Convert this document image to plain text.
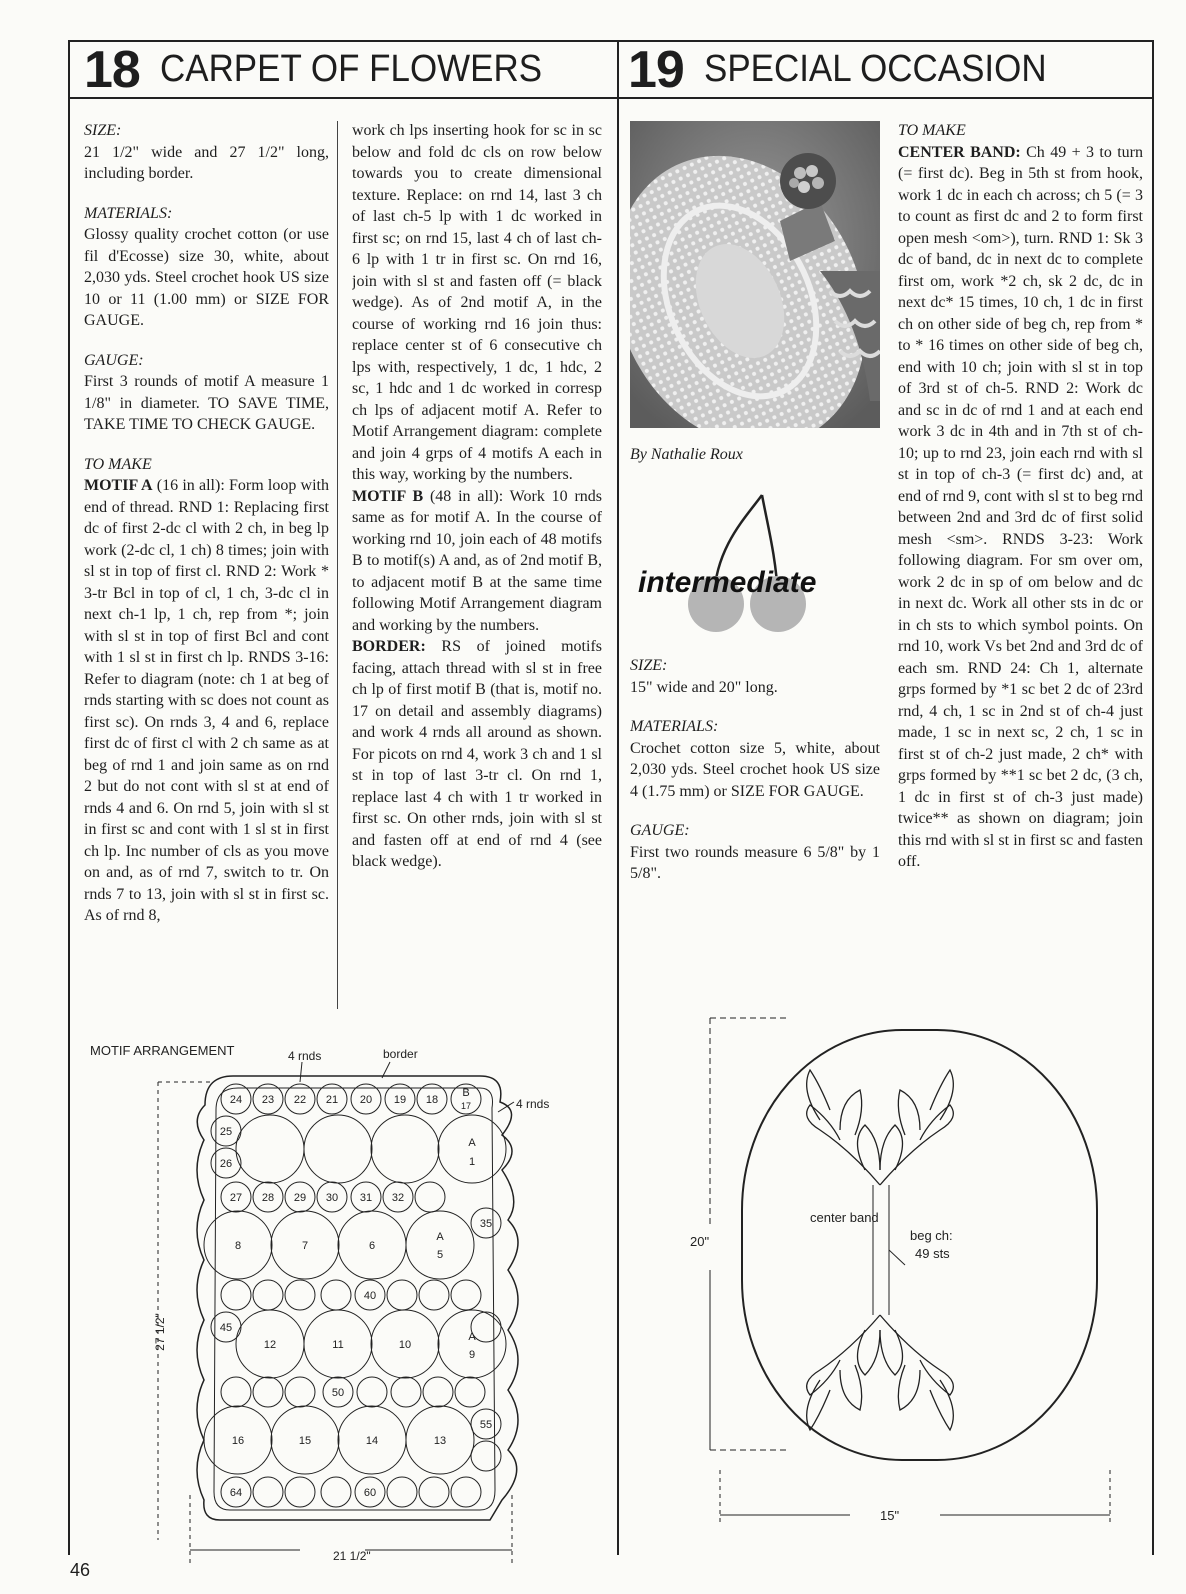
18 CARPET OF FLOWERS 19 SPECIAL OCCASION

SIZE:

21 1/2" wide and 27 1/2" long, including border.

MATERIALS:

Glossy quality crochet cotton (or use fil d'Ecosse) size 30, white, about 2,030 yds. Steel crochet hook US size 10 or 11 (1.00 mm) or SIZE FOR GAUGE.

GAUGE:

First 3 rounds of motif A measure 1 1/8" in diameter. TO SAVE TIME, TAKE TIME TO CHECK GAUGE.

TO MAKE

MOTIF A (16 in all): Form loop with end of thread. RND 1: Replacing first dc of first 2-dc cl with 2 ch, in beg lp work (2-dc cl, 1 ch) 8 times; join with sl st in top of first cl. RND 2: Work * 3-tr Bcl in top of cl, 1 ch, 3-dc cl in next ch-1 lp, 1 ch, rep from *; join with sl st in top of first Bcl and cont with 1 sl st in first ch lp. RNDS 3-16: Refer to diagram (note: ch 1 at beg of rnds starting with sc does not count as first sc). On rnds 3, 4 and 6, replace first dc of first cl with 2 ch same as at beg of rnd 1 and join same as on rnd 2 but do not cont with sl st at end of rnds 4 and 6. On rnd 5, join with sl st in first sc and cont with 1 sl st in first ch lp. Inc number of cls as you move on and, as of rnd 7, switch to tr. On rnds 7 to 13, join with sl st in first sc. As of rnd 8,

work ch lps inserting hook for sc in sc below and fold dc cls on row below towards you to create dimensional texture. Replace: on rnd 14, last 3 ch of last ch-5 lp with 1 dc worked in first sc; on rnd 15, last 4 ch of last ch-6 lp with 1 tr in first sc. On rnd 16, join with sl st and fasten off (= black wedge). As of 2nd motif A, in the course of working rnd 16 join thus: replace center st of 6 consecutive ch lps with, respectively, 1 dc, 1 hdc, 2 sc, 1 hdc and 1 dc worked in corresp ch lps of adjacent motif A. Refer to Motif Arrangement diagram: complete and join 4 grps of 4 motifs A each in this way, working by the numbers.

MOTIF B (48 in all): Work 10 rnds same as for motif A. In the course of working rnd 10, join each of 48 motifs B to motif(s) A and, as of 2nd motif B, to adjacent motif B at the same time following Motif Arrangement diagram and working by the numbers.

BORDER: RS of joined motifs facing, attach thread with sl st in free ch lp of first motif B (that is, motif no. 17 on detail and assembly diagrams) and work 4 rnds all around as shown. For picots on rnd 4, work 3 ch and 1 sl st in top of last 3-tr cl. On rnd 1, replace last 4 ch with 1 tr worked in first sc. On other rnds, join with sl st and fasten off at end of rnd 4 (see black wedge).

By Nathalie Roux
intermediate

SIZE:

15" wide and 20" long.

MATERIALS:

Crochet cotton size 5, white, about 2,030 yds. Steel crochet hook US size 4 (1.75 mm) or SIZE FOR GAUGE.

GAUGE:

First two rounds measure 6 5/8" by 1 5/8".

TO MAKE

CENTER BAND: Ch 49 + 3 to turn (= first dc). Beg in 5th st from hook, work 1 dc in each ch across; ch 5 (= 3 to count as first dc and 2 to form first open mesh <om>), turn. RND 1: Sk 3 dc of band, dc in next dc to complete first om, work *2 ch, sk 2 dc, dc in next dc* 15 times, 10 ch, 1 dc in first ch on other side of beg ch, rep from * to * 16 times on other side of beg ch, end with 10 ch; join with sl st in top of 3rd st of ch-5. RND 2: Work dc and sc in dc of rnd 1 and at each end work 3 dc in 4th and in 7th st of ch-10; up to rnd 23, join each rnd with sl st in top of ch-3 (= first dc) and, at end of rnd 9, cont with sl st to beg rnd between 2nd and 3rd dc of first solid mesh <sm>. RNDS 3-23: Work following diagram. For sm over om, work 2 dc in sp of om below and dc in next dc. Work all other sts in dc or in ch sts to which symbol points. On rnd 10, work Vs bet 2nd and 3rd dc of each sm. RND 24: Ch 1, alternate grps formed by *1 sc bet 2 dc of 23rd rnd, 4 ch, 1 sc in 2nd st of ch-4 just made, 1 sc in next sc, 2 ch, 1 sc in first st of ch-2 just made, 2 ch* with grps formed by **1 sc bet 2 dc, (3 ch, 1 dc in first st of ch-3 just made) twice** as shown on diagram; join this rnd with sl st in first sc and fasten off.

MOTIF ARRANGEMENT	4 rnds	border
4 rnds
27 1/2"
21 1/2"
24 23 22 21 20 19 18
B
17
25
26
A
1
27 28 29 30 31 32
35
8	7	6
A
5
40
45
12	11	10
A
9
50
55
16	15	14	13
64	60
20"
15"
center band
beg ch:
49 sts
46
